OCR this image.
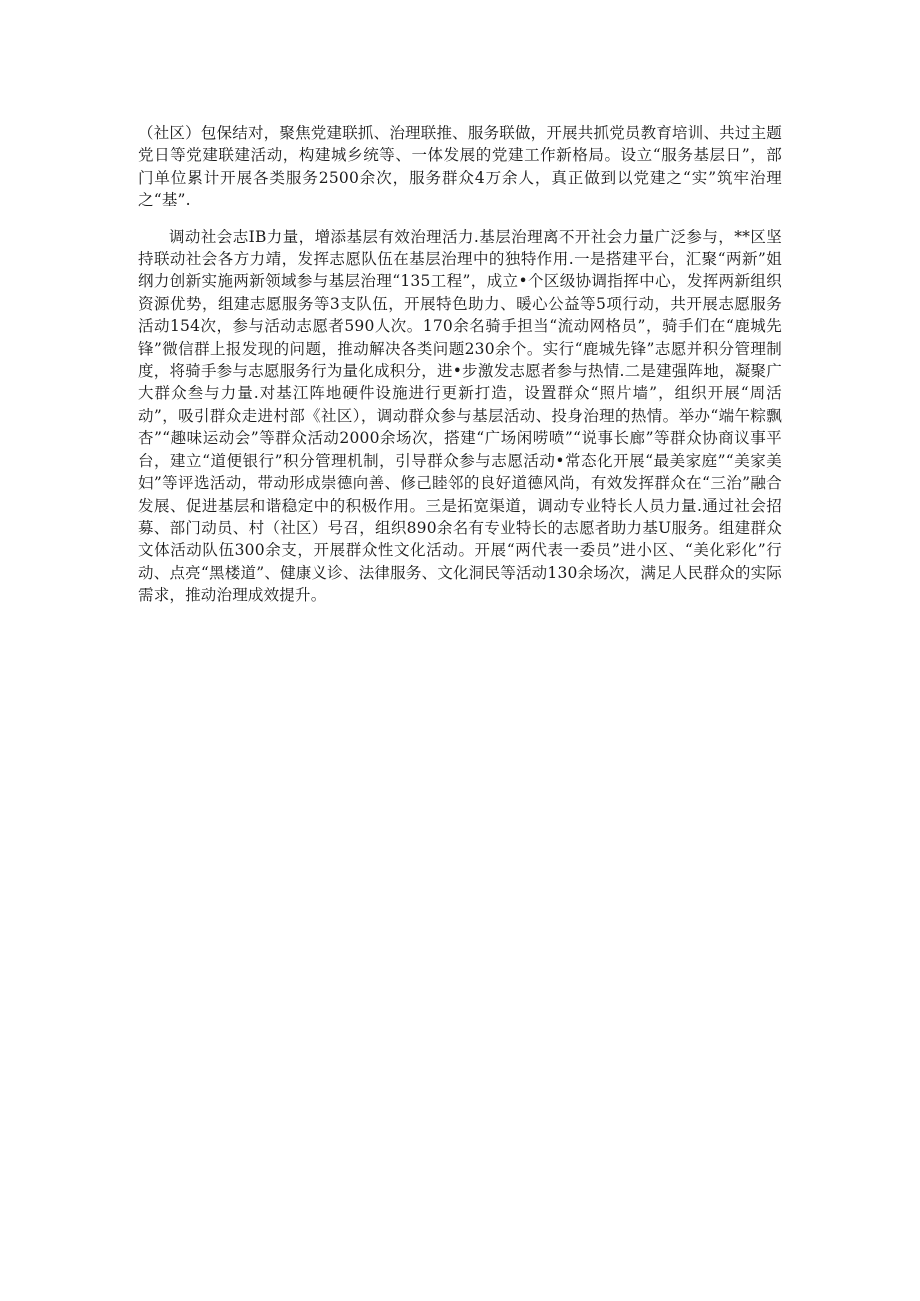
（社区）包保结对，聚焦党建联抓、治理联推、服务联做，开展共抓党员教育培训、共过主题党日等党建联建活动，构建城乡统等、一体发展的党建工作新格局。设立“服务基层日”，部门单位累计开展各类服务2500余次，服务群众4万余人，真正做到以党建之“实”筑牢治理之“基”.

调动社会志IB力量，增添基层有效治理活力.基层治理离不开社会力量广泛参与，**区坚持联动社会各方力靖，发挥志愿队伍在基层治理中的独特作用.一是搭建平台，汇聚“两新”姐纲力创新实施两新领域参与基层治理“135工程”，成立•个区级协调指挥中心，发挥两新组织资源优势，组建志愿服务等3支队伍，开展特色助力、暖心公益等5项行动，共开展志愿服务活动154次，参与活动志愿者590人次。170余名骑手担当“流动网格员”，骑手们在“鹿城先锋”微信群上报发现的问题，推动解决各类问题230余个。实行“鹿城先锋”志愿并积分管理制度，将骑手参与志愿服务行为量化成积分，进•步激发志愿者参与热情.二是建强阵地，凝聚广大群众叁与力量.对基江阵地硬件设施进行更新打造，设置群众“照片墙”，组织开展“周活动”，吸引群众走进村部《社区），调动群众参与基层活动、投身治理的热情。举办“端午粽飘杏”“趣味运动会”等群众活动2000余场次，搭建“广场闲唠喷”“说事长廊”等群众协商议事平台，建立“道便银行”积分管理机制，引导群众参与志愿活动•常态化开展“最美家庭”“美家美妇”等评选活动，带动形成崇德向善、修己睦邻的良好道德风尚，有效发挥群众在“三治”融合发展、促进基层和谐稳定中的积极作用。三是拓宽渠道，调动专业特长人员力量.通过社会招募、部门动员、村（社区）号召，组织890余名有专业特长的志愿者助力基U服务。组建群众文体活动队伍300余支，开展群众性文化活动。开展“两代表一委员”进小区、“美化彩化”行动、点亮“黑楼道”、健康义诊、法律服务、文化洞民等活动130余场次，满足人民群众的实际需求，推动治理成效提升。
